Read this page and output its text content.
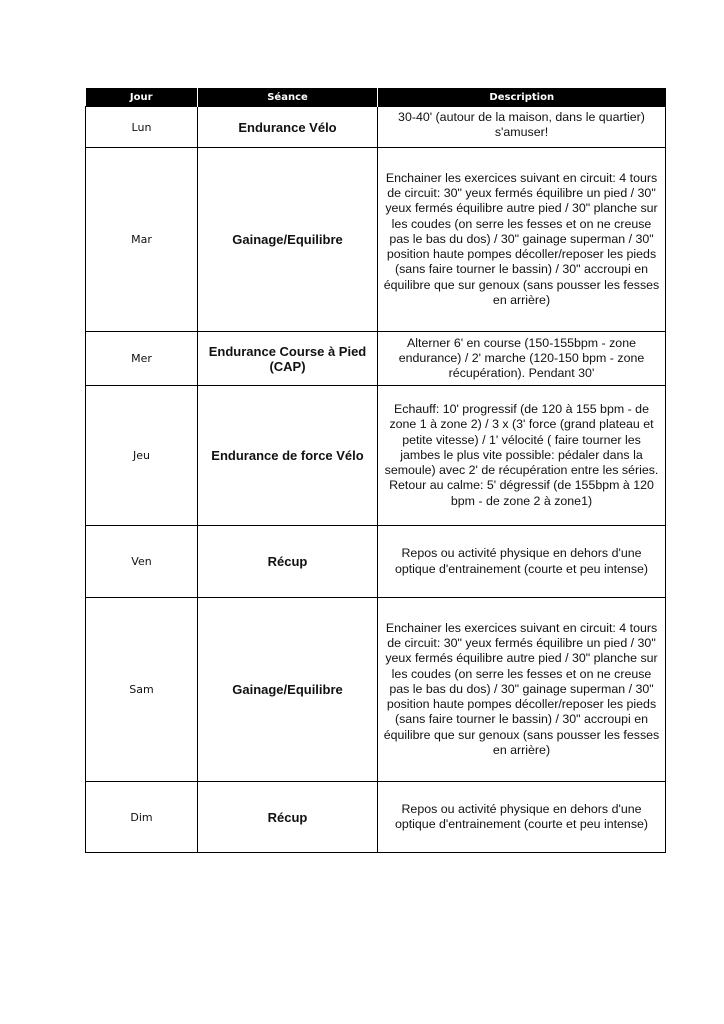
Jour	Séance	Description
Lun	Endurance Vélo	30-40' (autour de la maison, dans le quartier) s'amuser!
Mar	Gainage/Equilibre	Enchainer les exercices suivant en circuit: 4 tours de circuit: 30" yeux fermés équilibre un pied / 30" yeux fermés équilibre autre pied / 30" planche sur les coudes (on serre les fesses et on ne creuse pas le bas du dos) / 30" gainage superman / 30" position haute pompes décoller/reposer les pieds (sans faire tourner le bassin) / 30" accroupi en équilibre que sur genoux (sans pousser les fesses en arrière)
Mer	Endurance Course à Pied (CAP)	Alterner 6' en course (150-155bpm - zone endurance) / 2' marche (120-150 bpm - zone récupération). Pendant 30'
Jeu	Endurance de force Vélo	Echauff: 10' progressif (de 120 à 155 bpm - de zone 1 à zone 2) / 3 x (3' force (grand plateau et petite vitesse) / 1' vélocité ( faire tourner les jambes le plus vite possible: pédaler dans la semoule) avec 2' de récupération entre les séries. Retour au calme: 5' dégressif (de 155bpm à 120 bpm - de zone 2 à zone1)
Ven	Récup	Repos ou activité physique en dehors d'une optique d'entrainement (courte et peu intense)
Sam	Gainage/Equilibre	Enchainer les exercices suivant en circuit: 4 tours de circuit: 30" yeux fermés équilibre un pied / 30" yeux fermés équilibre autre pied / 30" planche sur les coudes (on serre les fesses et on ne creuse pas le bas du dos) / 30" gainage superman / 30" position haute pompes décoller/reposer les pieds (sans faire tourner le bassin) / 30" accroupi en équilibre que sur genoux (sans pousser les fesses en arrière)
Dim	Récup	Repos ou activité physique en dehors d'une optique d'entrainement (courte et peu intense)
